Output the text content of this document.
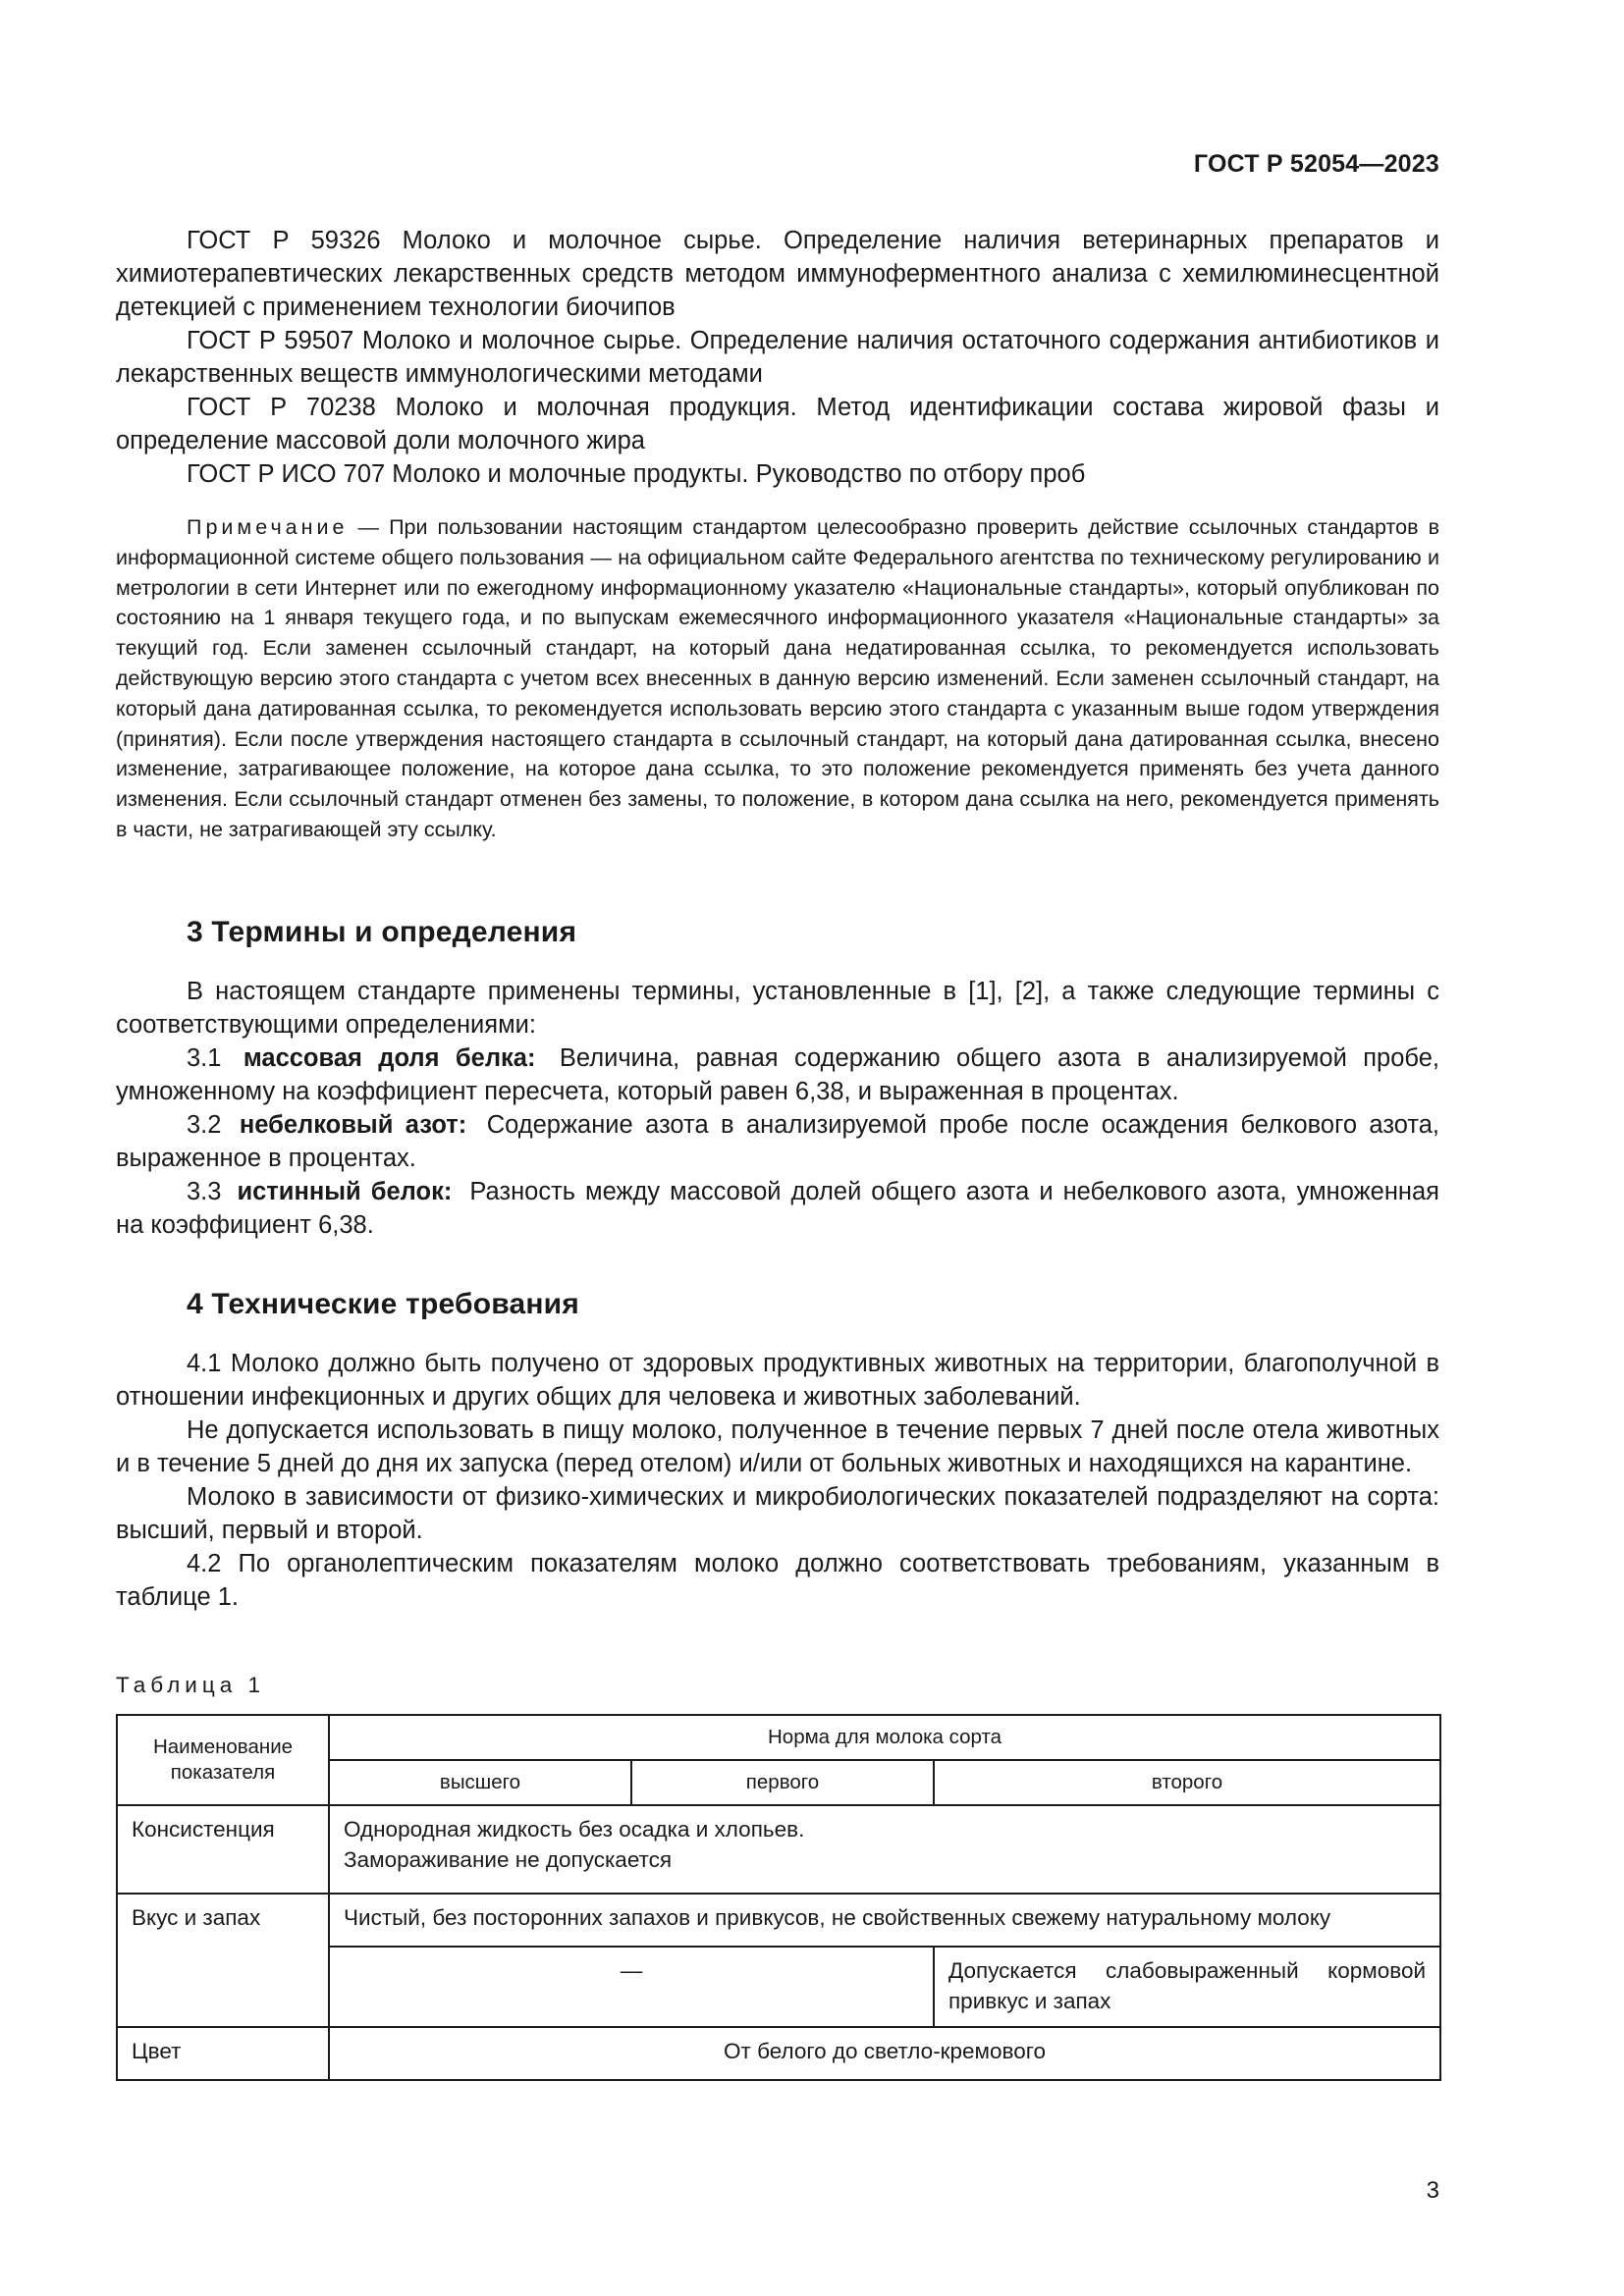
ГОСТ Р 52054—2023

ГОСТ Р 59326 Молоко и молочное сырье. Определение наличия ветеринарных препаратов и химиотерапевтических лекарственных средств методом иммуноферментного анализа с хемилюминесцентной детекцией с применением технологии биочипов

ГОСТ Р 59507 Молоко и молочное сырье. Определение наличия остаточного содержания антибиотиков и лекарственных веществ иммунологическими методами

ГОСТ Р 70238 Молоко и молочная продукция. Метод идентификации состава жировой фазы и определение массовой доли молочного жира

ГОСТ Р ИСО 707 Молоко и молочные продукты. Руководство по отбору проб

Примечание — При пользовании настоящим стандартом целесообразно проверить действие ссылочных стандартов в информационной системе общего пользования — на официальном сайте Федерального агентства по техническому регулированию и метрологии в сети Интернет или по ежегодному информационному указателю «Национальные стандарты», который опубликован по состоянию на 1 января текущего года, и по выпускам ежемесячного информационного указателя «Национальные стандарты» за текущий год. Если заменен ссылочный стандарт, на который дана недатированная ссылка, то рекомендуется использовать действующую версию этого стандарта с учетом всех внесенных в данную версию изменений. Если заменен ссылочный стандарт, на который дана датированная ссылка, то рекомендуется использовать версию этого стандарта с указанным выше годом утверждения (принятия). Если после утверждения настоящего стандарта в ссылочный стандарт, на который дана датированная ссылка, внесено изменение, затрагивающее положение, на которое дана ссылка, то это положение рекомендуется применять без учета данного изменения. Если ссылочный стандарт отменен без замены, то положение, в котором дана ссылка на него, рекомендуется применять в части, не затрагивающей эту ссылку.

3 Термины и определения

В настоящем стандарте применены термины, установленные в [1], [2], а также следующие термины с соответствующими определениями:

3.1 массовая доля белка: Величина, равная содержанию общего азота в анализируемой пробе, умноженному на коэффициент пересчета, который равен 6,38, и выраженная в процентах.

3.2 небелковый азот: Содержание азота в анализируемой пробе после осаждения белкового азота, выраженное в процентах.

3.3 истинный белок: Разность между массовой долей общего азота и небелкового азота, умноженная на коэффициент 6,38.

4 Технические требования

4.1 Молоко должно быть получено от здоровых продуктивных животных на территории, благополучной в отношении инфекционных и других общих для человека и животных заболеваний.

Не допускается использовать в пищу молоко, полученное в течение первых 7 дней после отела животных и в течение 5 дней до дня их запуска (перед отелом) и/или от больных животных и находящихся на карантине.

Молоко в зависимости от физико-химических и микробиологических показателей подразделяют на сорта: высший, первый и второй.

4.2 По органолептическим показателям молоко должно соответствовать требованиям, указанным в таблице 1.

Таблица 1
Наименование показателя	Норма для молока сорта		
	высшего	первого	второго
Консистенция	Однородная жидкость без осадка и хлопьев.
Замораживание не допускается		

Вкус и запах	Чистый, без посторонних запахов и привкусов, не свойственных свежему натуральному молоку		
	—		Допускается слабовыраженный кормовой привкус и запах
Цвет	От белого до светло-кремового		
3
